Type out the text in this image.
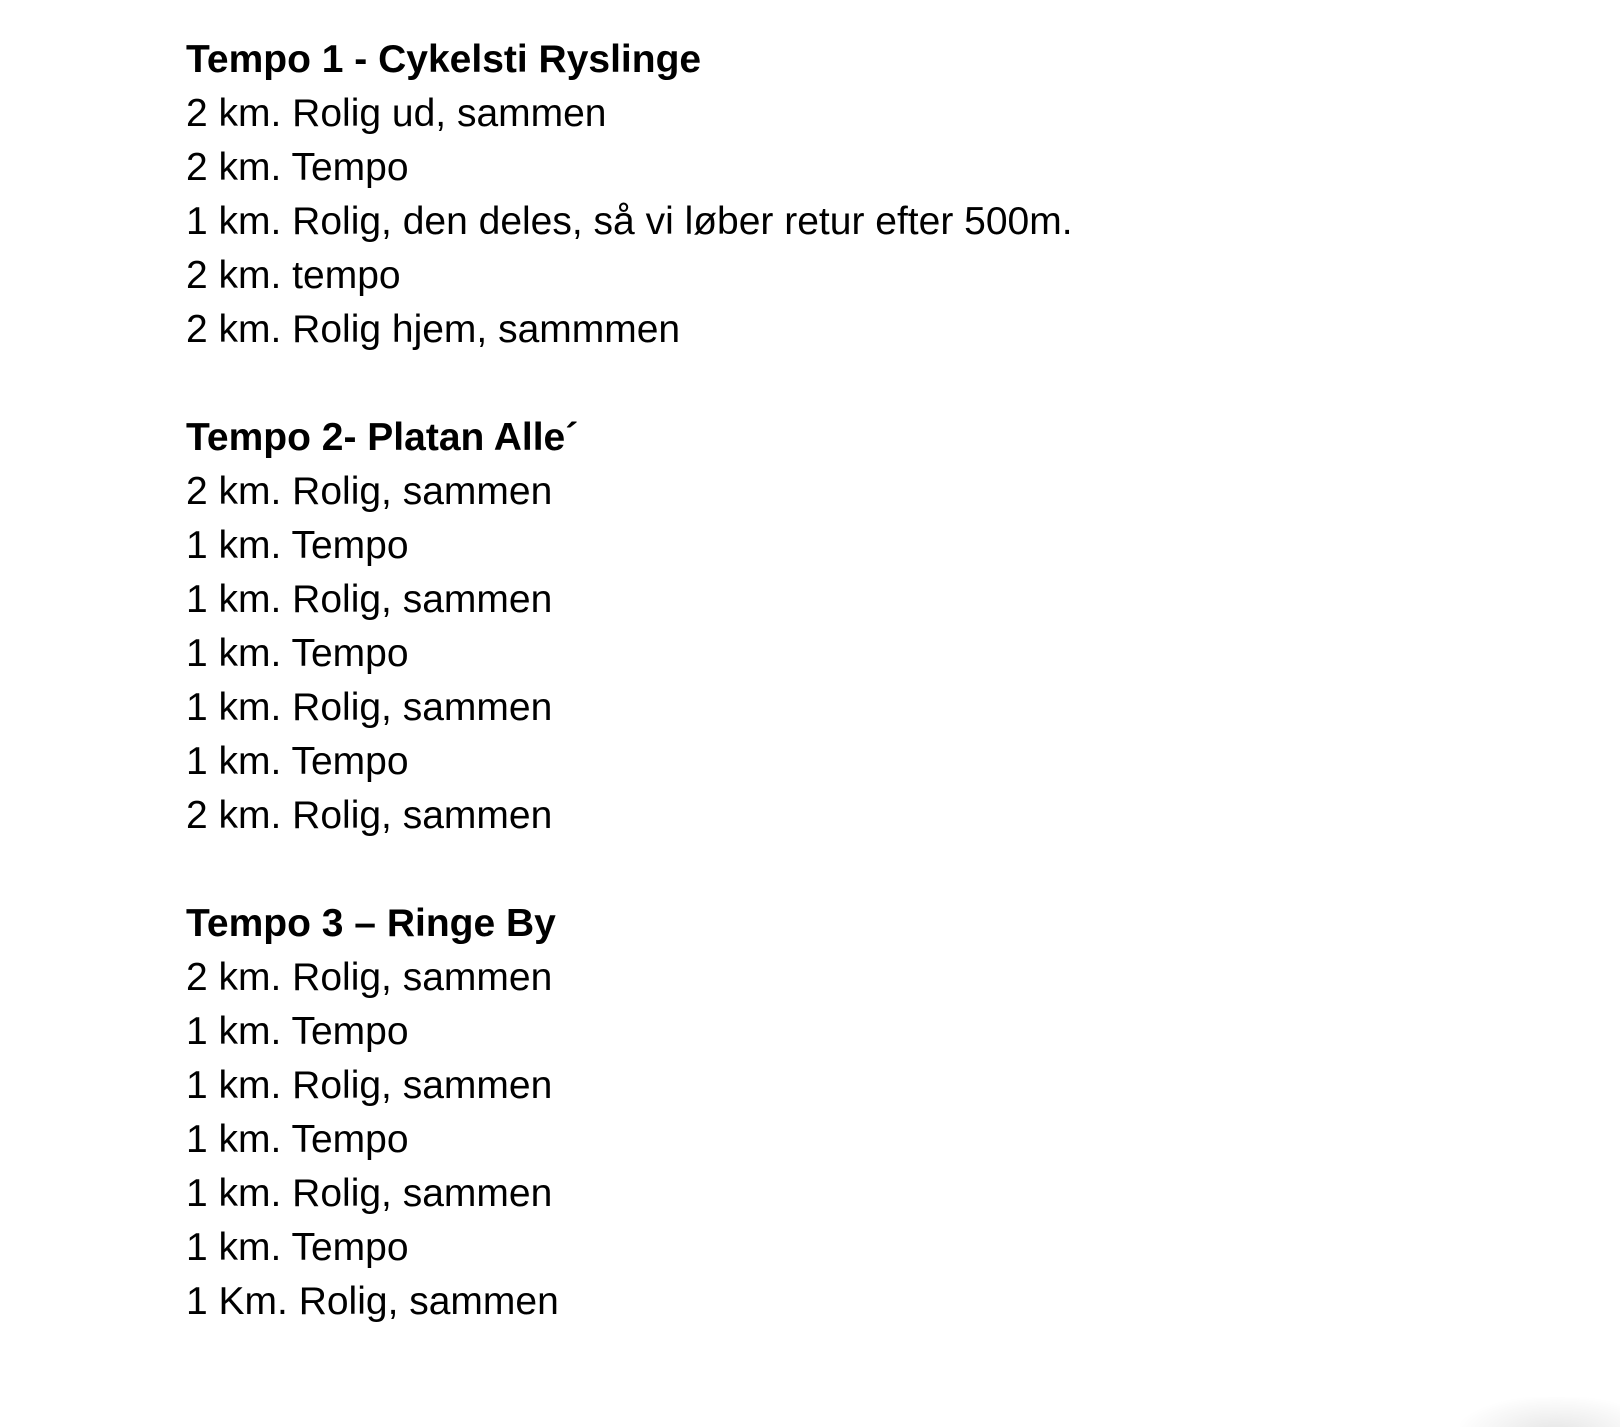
Tempo 1 - Cykelsti Ryslinge
2 km. Rolig ud, sammen
2 km. Tempo
1 km. Rolig, den deles, så vi løber retur efter 500m.
2 km. tempo
2 km. Rolig hjem, sammmen
Tempo 2- Platan Alle´
2 km. Rolig, sammen
1 km. Tempo
1 km. Rolig, sammen
1 km. Tempo
1 km. Rolig, sammen
1 km. Tempo
2 km. Rolig, sammen
Tempo 3 – Ringe By
2 km. Rolig, sammen
1 km. Tempo
1 km. Rolig, sammen
1 km. Tempo
1 km. Rolig, sammen
1 km. Tempo
1 Km. Rolig, sammen
